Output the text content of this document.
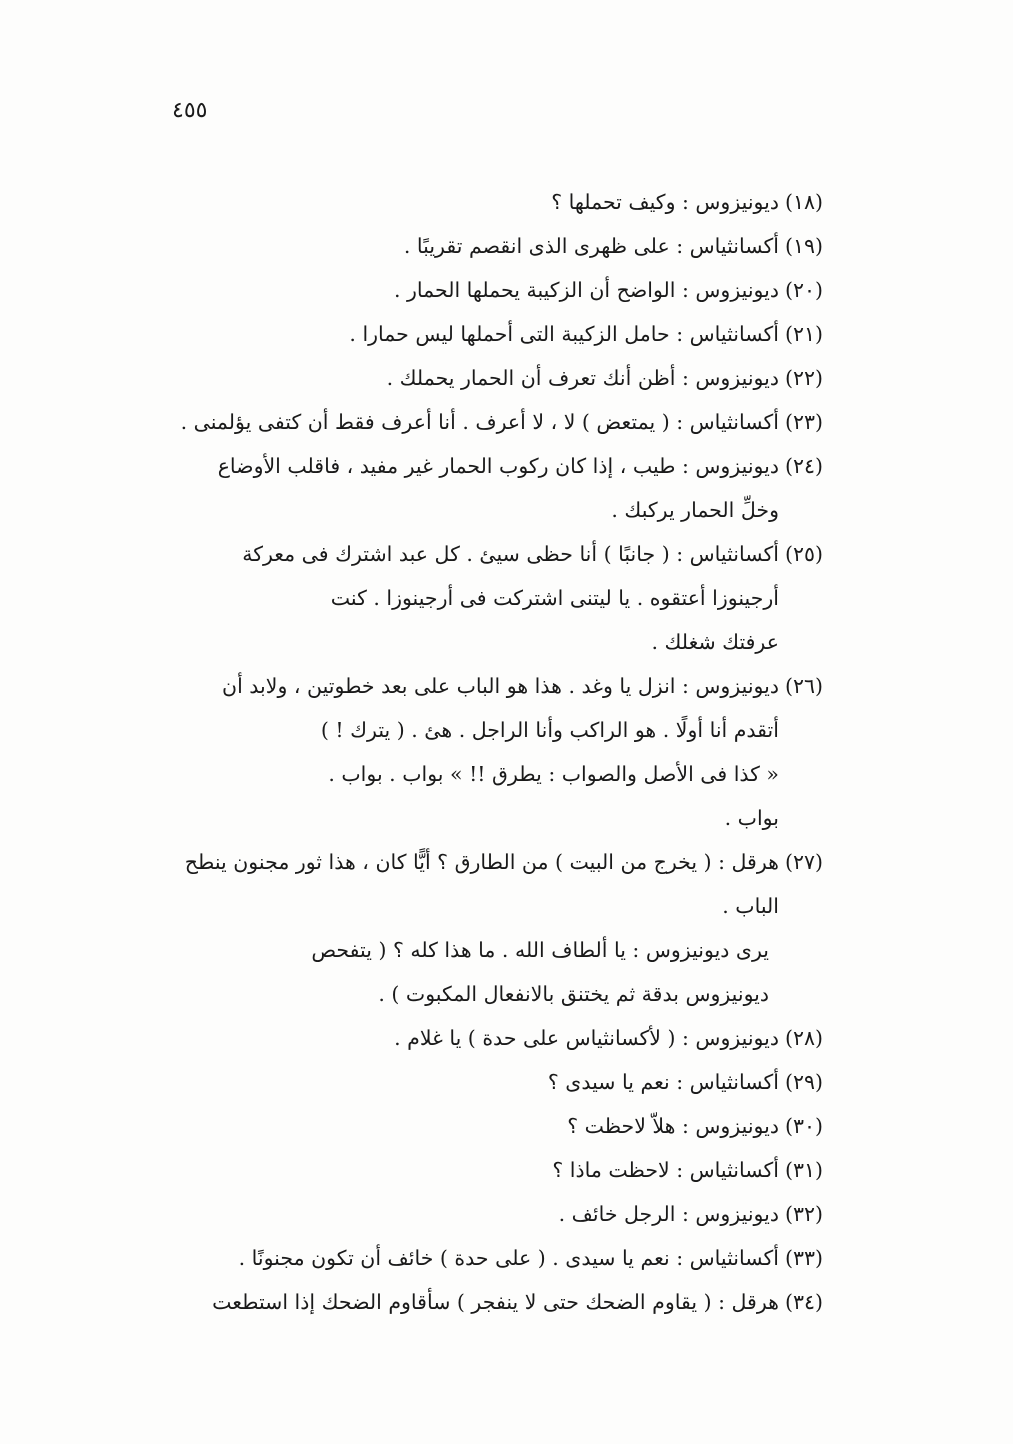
٤٥٥
(١٨)
ديونيزوس : وكيف تحملها ؟
(١٩)
أكسانثياس : على ظهرى الذى انقصم تقريبًا .
(٢٠)
ديونيزوس : الواضح أن الزكيبة يحملها الحمار .
(٢١)
أكسانثياس : حامل الزكيبة التى أحملها ليس حمارا .
(٢٢)
ديونيزوس : أظن أنك تعرف أن الحمار يحملك .
(٢٣)
أكسانثياس : ( يمتعض ) لا ، لا أعرف . أنا أعرف فقط أن كتفى يؤلمنى .
(٢٤)
ديونيزوس : طيب ، إذا كان ركوب الحمار غير مفيد ، فاقلب الأوضاع
وخلِّ الحمار يركبك .
(٢٥)
أكسانثياس : ( جانبًا ) أنا حظى سيئ . كل عبد اشترك فى معركة
أرجينوزا أعتقوه . يا ليتنى اشتركت فى أرجينوزا . كنت
عرفتك شغلك .
(٢٦)
ديونيزوس : انزل يا وغد . هذا هو الباب على بعد خطوتين ، ولابد أن
أتقدم أنا أولًا . هو الراكب وأنا الراجل . هئ . ( يترك ! )
« كذا فى الأصل والصواب : يطرق !! » بواب . بواب .
بواب .
(٢٧)
هرقل : ( يخرج من البيت ) من الطارق ؟ أيًّا كان ، هذا ثور مجنون ينطح
الباب .
يرى ديونيزوس : يا ألطاف الله . ما هذا كله ؟ ( يتفحص
ديونيزوس بدقة ثم يختنق بالانفعال المكبوت ) .
(٢٨)
ديونيزوس : ( لأكسانثياس على حدة ) يا غلام .
(٢٩)
أكسانثياس : نعم يا سيدى ؟
(٣٠)
ديونيزوس : هلاّ لاحظت ؟
(٣١)
أكسانثياس : لاحظت ماذا ؟
(٣٢)
ديونيزوس : الرجل خائف .
(٣٣)
أكسانثياس : نعم يا سيدى . ( على حدة ) خائف أن تكون مجنونًا .
(٣٤)
هرقل : ( يقاوم الضحك حتى لا ينفجر ) سأقاوم الضحك إذا استطعت
